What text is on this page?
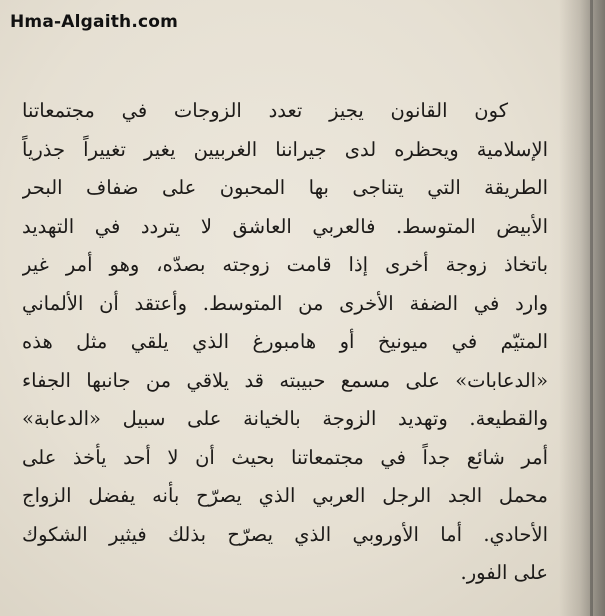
Hma-Algaith.com
كون القانون يجيز تعدد الزوجات في مجتمعاتنا
الإسلامية ويحظره لدى جيراننا الغربيين يغير تغييراً جذرياً
الطريقة التي يتناجى بها المحبون على ضفاف البحر
الأبيض المتوسط. فالعربي العاشق لا يتردد في التهديد
باتخاذ زوجة أخرى إذا قامت زوجته بصدّه، وهو أمر غير
وارد في الضفة الأخرى من المتوسط. وأعتقد أن الألماني
المتيّم في ميونيخ أو هامبورغ الذي يلقي مثل هذه
«الدعابات» على مسمع حبيبته قد يلاقي من جانبها الجفاء
والقطيعة. وتهديد الزوجة بالخيانة على سبيل «الدعابة»
أمر شائع جداً في مجتمعاتنا بحيث أن لا أحد يأخذ على
محمل الجد الرجل العربي الذي يصرّح بأنه يفضل الزواج
الأحادي. أما الأوروبي الذي يصرّح بذلك فيثير الشكوك
على الفور.
